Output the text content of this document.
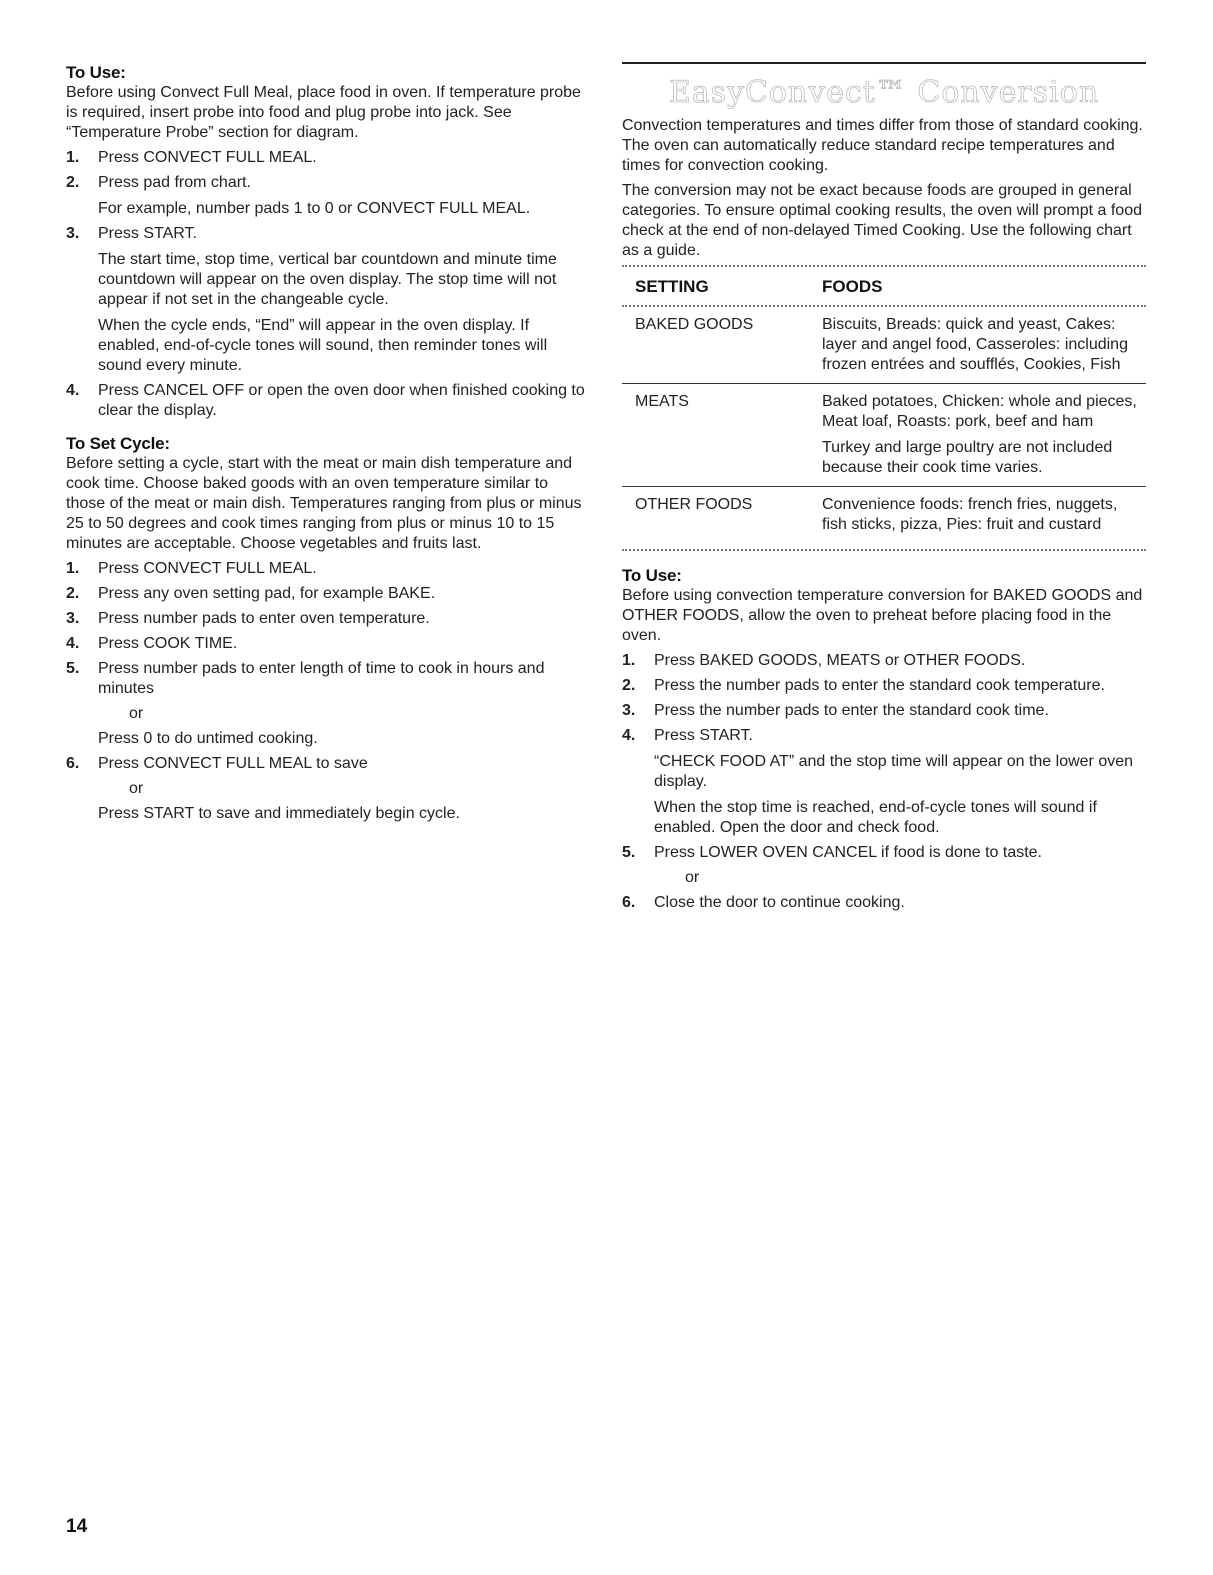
To Use:

Before using Convect Full Meal, place food in oven. If temperature probe is required, insert probe into food and plug probe into jack. See “Temperature Probe” section for diagram.

1. Press CONVECT FULL MEAL.
2. Press pad from chart.

For example, number pads 1 to 0 or CONVECT FULL MEAL.

3. Press START.

The start time, stop time, vertical bar countdown and minute time countdown will appear on the oven display. The stop time will not appear if not set in the changeable cycle.

When the cycle ends, “End” will appear in the oven display. If enabled, end-of-cycle tones will sound, then reminder tones will sound every minute.

4. Press CANCEL OFF or open the oven door when finished cooking to clear the display.
To Set Cycle:

Before setting a cycle, start with the meat or main dish temperature and cook time. Choose baked goods with an oven temperature similar to those of the meat or main dish. Temperatures ranging from plus or minus 25 to 50 degrees and cook times ranging from plus or minus 10 to 15 minutes are acceptable. Choose vegetables and fruits last.

1. Press CONVECT FULL MEAL.
2. Press any oven setting pad, for example BAKE.
3. Press number pads to enter oven temperature.
4. Press COOK TIME.
5. Press number pads to enter length of time to cook in hours and minutes

or

Press 0 to do untimed cooking.

6. Press CONVECT FULL MEAL to save

or

Press START to save and immediately begin cycle.

EasyConvect™ Conversion

Convection temperatures and times differ from those of standard cooking. The oven can automatically reduce standard recipe temperatures and times for convection cooking.

The conversion may not be exact because foods are grouped in general categories. To ensure optimal cooking results, the oven will prompt a food check at the end of non-delayed Timed Cooking. Use the following chart as a guide.

SETTING	FOODS

BAKED GOODS	Biscuits, Breads: quick and yeast, Cakes: layer and angel food, Casseroles: including frozen entrées and soufflés, Cookies, Fish

MEATS	Baked potatoes, Chicken: whole and pieces, Meat loaf, Roasts: pork, beef and ham

Turkey and large poultry are not included because their cook time varies.

OTHER FOODS	Convenience foods: french fries, nuggets, fish sticks, pizza, Pies: fruit and custard

To Use:

Before using convection temperature conversion for BAKED GOODS and OTHER FOODS, allow the oven to preheat before placing food in the oven.

1. Press BAKED GOODS, MEATS or OTHER FOODS.
2. Press the number pads to enter the standard cook temperature.
3. Press the number pads to enter the standard cook time.
4. Press START.

“CHECK FOOD AT” and the stop time will appear on the lower oven display.

When the stop time is reached, end-of-cycle tones will sound if enabled. Open the door and check food.

5. Press LOWER OVEN CANCEL if food is done to taste.

or

6. Close the door to continue cooking.
14
